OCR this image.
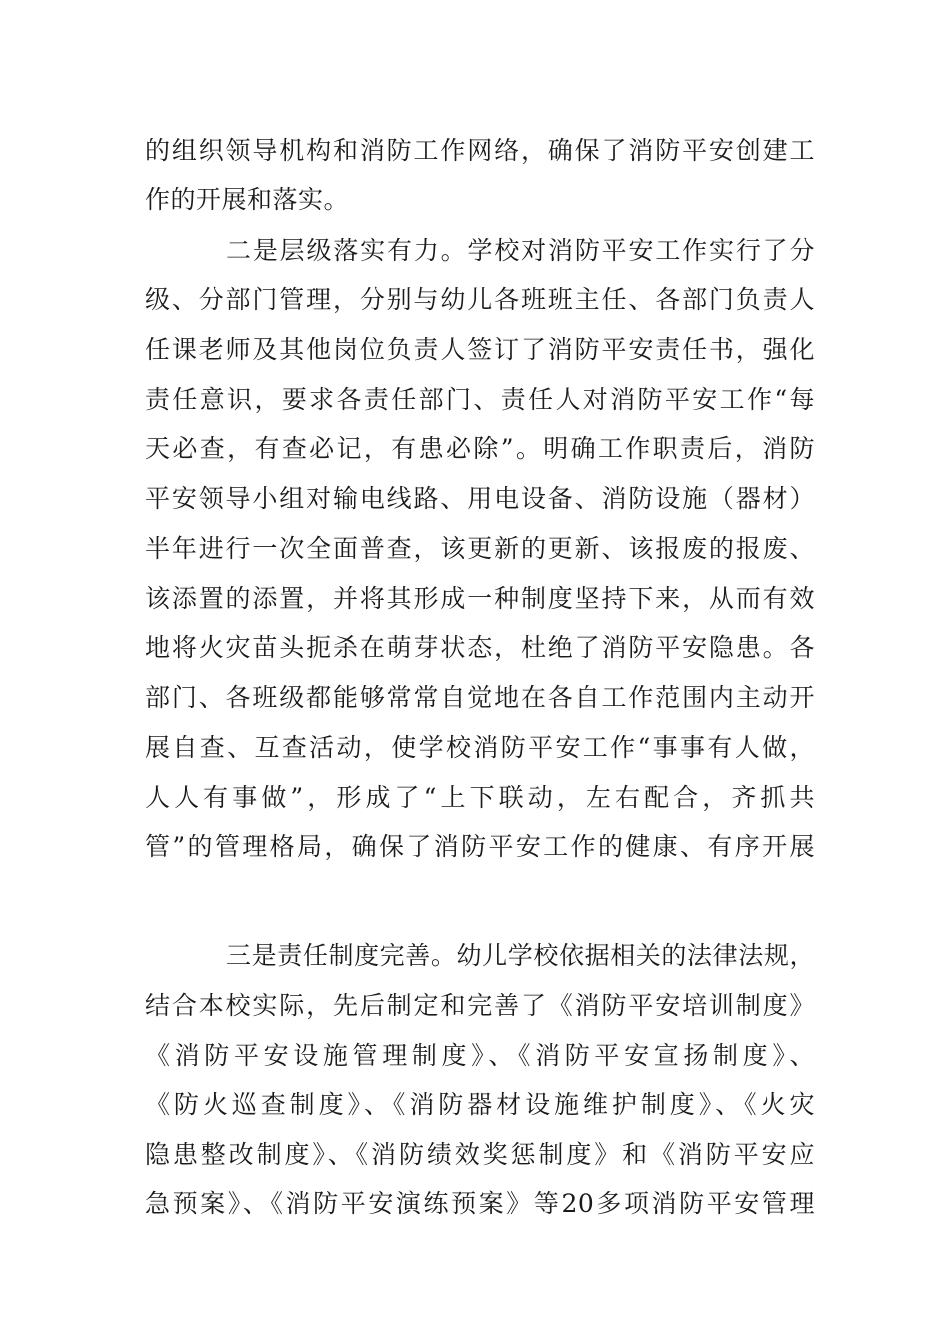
的组织领导机构和消防工作网络，确保了消防平安创建工
作的开展和落实。
二是层级落实有力。学校对消防平安工作实行了分
级、分部门管理，分别与幼儿各班班主任、各部门负责人
任课老师及其他岗位负责人签订了消防平安责任书，强化
责任意识，要求各责任部门、责任人对消防平安工作“每
天必查，有查必记，有患必除”。明确工作职责后，消防
平安领导小组对输电线路、用电设备、消防设施（器材）
半年进行一次全面普查，该更新的更新、该报废的报废、
该添置的添置，并将其形成一种制度坚持下来，从而有效
地将火灾苗头扼杀在萌芽状态，杜绝了消防平安隐患。各
部门、各班级都能够常常自觉地在各自工作范围内主动开
展自查、互查活动，使学校消防平安工作“事事有人做，
人人有事做”，形成了“上下联动，左右配合，齐抓共
管”的管理格局，确保了消防平安工作的健康、有序开展
三是责任制度完善。幼儿学校依据相关的法律法规，
结合本校实际，先后制定和完善了《消防平安培训制度》
《消防平安设施管理制度》、《消防平安宣扬制度》、
《防火巡查制度》、《消防器材设施维护制度》、《火灾
隐患整改制度》、《消防绩效奖惩制度》和《消防平安应
急预案》、《消防平安演练预案》等20多项消防平安管理
